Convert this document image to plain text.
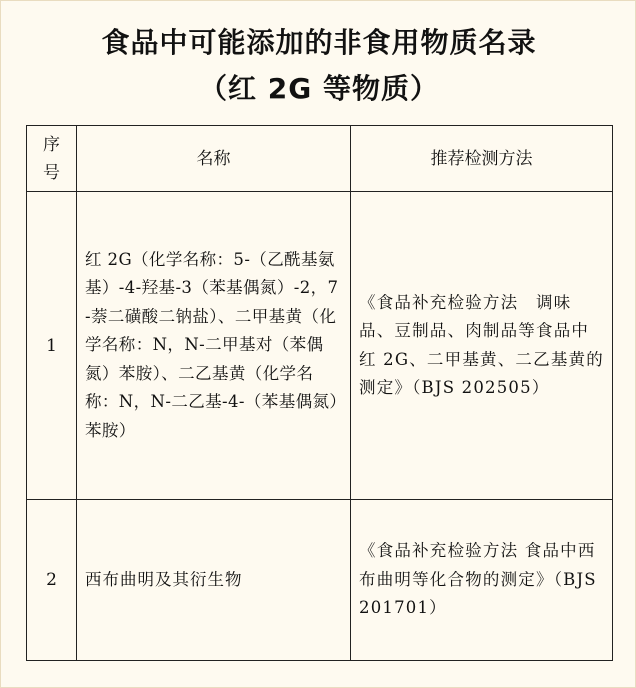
食品中可能添加的非食用物质名录
（红 2G 等物质）
序号	名称	推荐检测方法
1	红 2G（化学名称：5-（乙酰基氨基）-4-羟基-3（苯基偶氮）-2，7-萘二磺酸二钠盐）、二甲基黄（化学名称：N，N-二甲基对（苯偶氮）苯胺）、二乙基黄（化学名称：N，N-二乙基-4-（苯基偶氮）苯胺）	《食品补充检验方法　调味品、豆制品、肉制品等食品中红 2G、二甲基黄、二乙基黄的测定》（BJS 202505）

2	西布曲明及其衍生物	《食品补充检验方法 食品中西布曲明等化合物的测定》（BJS 201701）
